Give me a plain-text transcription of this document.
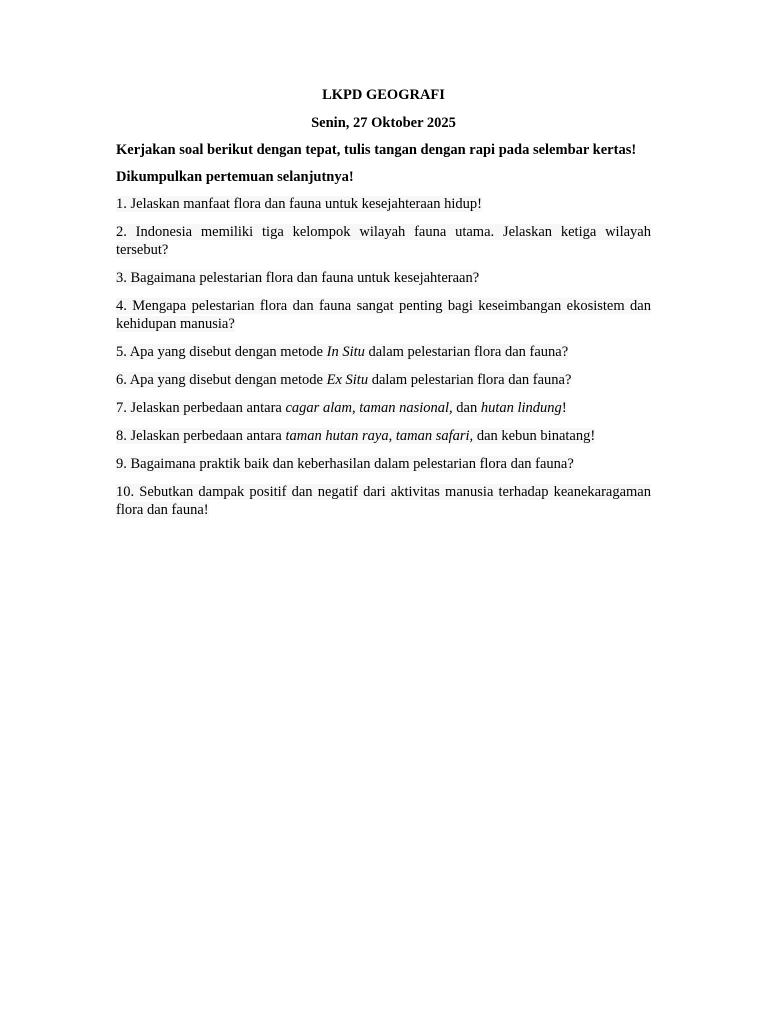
LKPD GEOGRAFI
Senin, 27 Oktober 2025
Kerjakan soal berikut dengan tepat, tulis tangan dengan rapi pada selembar kertas!
Dikumpulkan pertemuan selanjutnya!
1. Jelaskan manfaat flora dan fauna untuk kesejahteraan hidup!
2. Indonesia memiliki tiga kelompok wilayah fauna utama. Jelaskan ketiga wilayah tersebut?
3. Bagaimana pelestarian flora dan fauna untuk kesejahteraan?
4. Mengapa pelestarian flora dan fauna sangat penting bagi keseimbangan ekosistem dan kehidupan manusia?
5. Apa yang disebut dengan metode In Situ dalam pelestarian flora dan fauna?
6. Apa yang disebut dengan metode Ex Situ dalam pelestarian flora dan fauna?
7. Jelaskan perbedaan antara cagar alam, taman nasional, dan hutan lindung!
8. Jelaskan perbedaan antara taman hutan raya, taman safari, dan kebun binatang!
9. Bagaimana praktik baik dan keberhasilan dalam pelestarian flora dan fauna?
10. Sebutkan dampak positif dan negatif dari aktivitas manusia terhadap keanekaragaman flora dan fauna!
